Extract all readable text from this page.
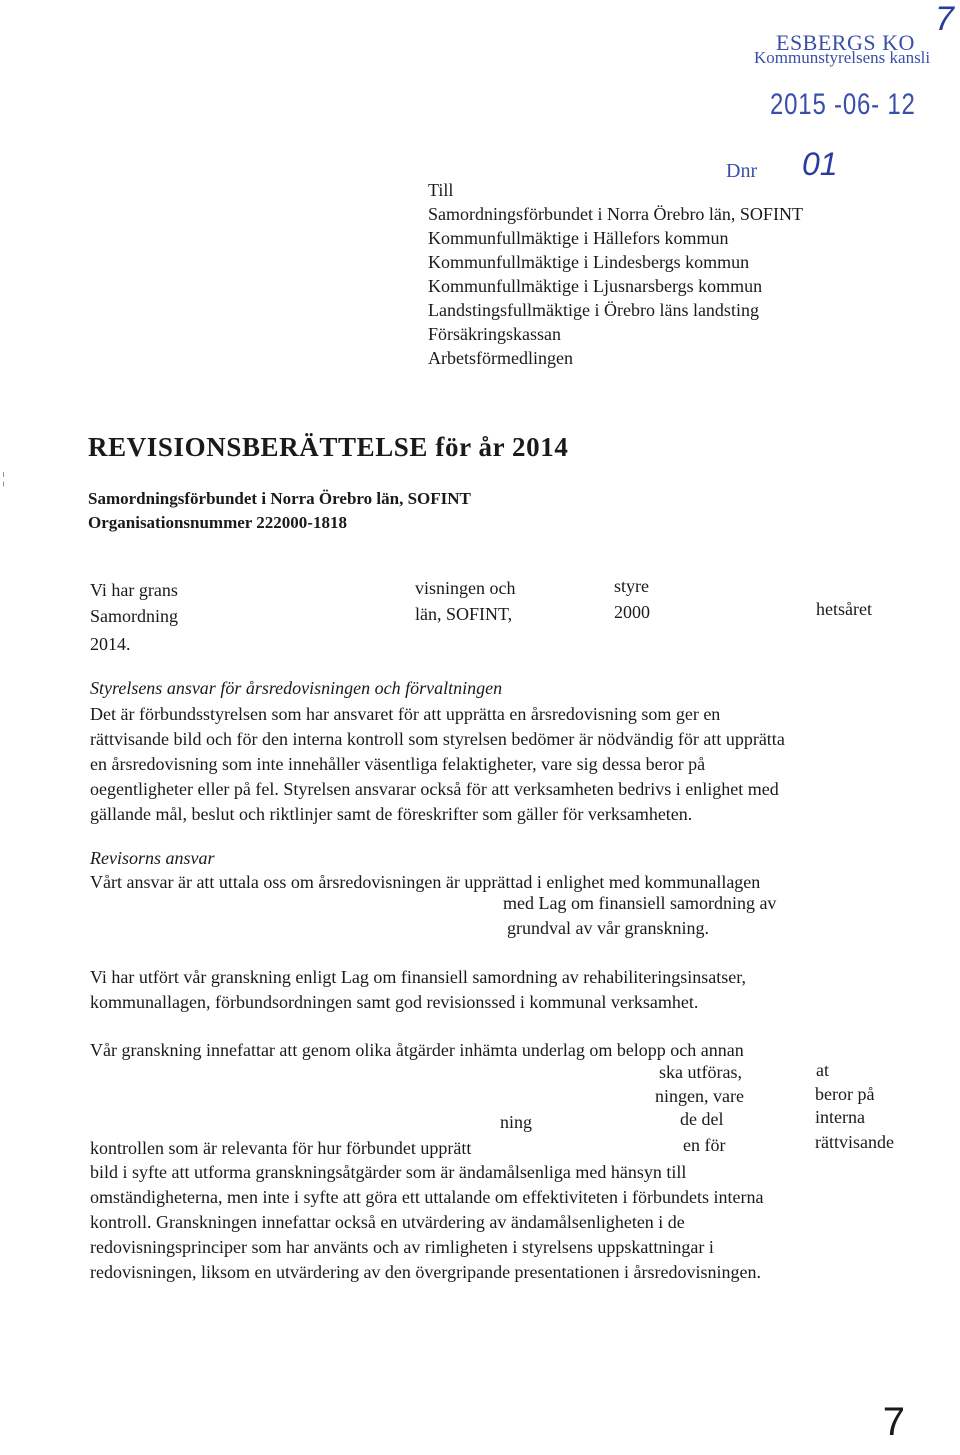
ESBERGS KO
Kommunstyrelsens kansli
2015 -06- 12
Dnr 01
7
¦
Till
Samordningsförbundet i Norra Örebro län, SOFINT
Kommunfullmäktige i Hällefors kommun
Kommunfullmäktige i Lindesbergs kommun
Kommunfullmäktige i Ljusnarsbergs kommun
Landstingsfullmäktige i Örebro läns landsting
Försäkringskassan
Arbetsförmedlingen
REVISIONSBERÄTTELSE för år 2014
Samordningsförbundet i Norra Örebro län, SOFINT
Organisationsnummer 222000-1818
Vi har grans	visningen och	styre
Samordning	län, SOFINT,	2000	hetsåret
2014.
Styrelsens ansvar för årsredovisningen och förvaltningen
Det är förbundsstyrelsen som har ansvaret för att upprätta en årsredovisning som ger en
rättvisande bild och för den interna kontroll som styrelsen bedömer är nödvändig för att upprätta
en årsredovisning som inte innehåller väsentliga felaktigheter, vare sig dessa beror på
oegentligheter eller på fel. Styrelsen ansvarar också för att verksamheten bedrivs i enlighet med
gällande mål, beslut och riktlinjer samt de föreskrifter som gäller för verksamheten.
Revisorns ansvar
Vårt ansvar är att uttala oss om årsredovisningen är upprättad i enlighet med kommunallagen
med Lag om finansiell samordning av
grundval av vår granskning.
Vi har utfört vår granskning enligt Lag om finansiell samordning av rehabiliteringsinsatser,
kommunallagen, förbundsordningen samt god revisionssed i kommunal verksamhet.
Vår granskning innefattar att genom olika åtgärder inhämta underlag om belopp och annan
ska utföras,	at
ningen, vare	beror på
ning	de del	interna
kontrollen som är relevanta för hur förbundet upprätt	en för	rättvisande
bild i syfte att utforma granskningsåtgärder som är ändamålsenliga med hänsyn till
omständigheterna, men inte i syfte att göra ett uttalande om effektiviteten i förbundets interna
kontroll. Granskningen innefattar också en utvärdering av ändamålsenligheten i de
redovisningsprinciper som har använts och av rimligheten i styrelsens uppskattningar i
redovisningen, liksom en utvärdering av den övergripande presentationen i årsredovisningen.
7
